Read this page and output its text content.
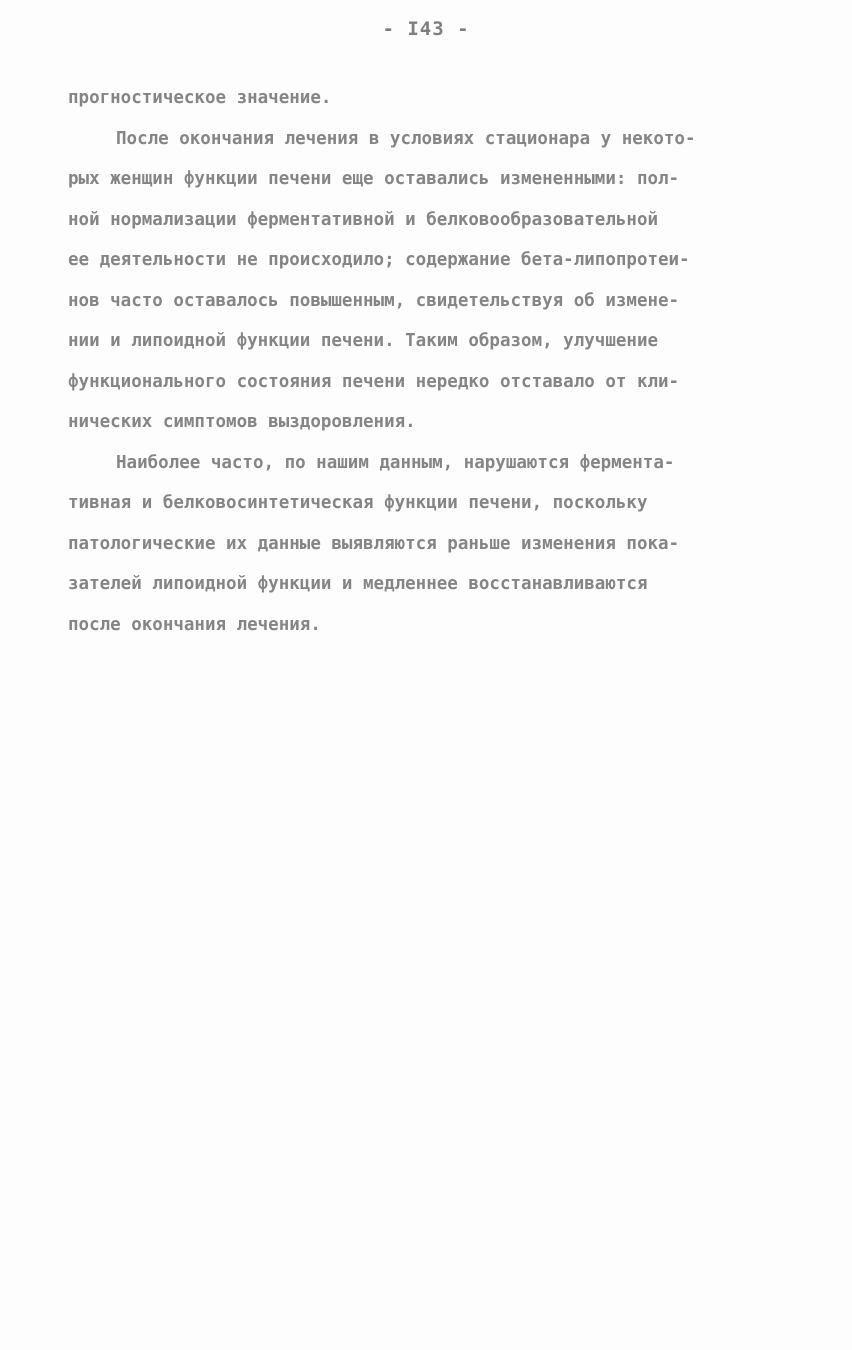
- I43 -
прогностическое значение.
После окончания лечения в условиях стационара у некото-
рых женщин функции печени еще оставались измененными: пол-
ной нормализации ферментативной и белковообразовательной
ее деятельности не происходило; содержание бета-липопротеи-
нов часто оставалось повышенным, свидетельствуя об измене-
нии и липоидной функции печени. Таким образом, улучшение
функционального состояния печени нередко отставало от кли-
нических симптомов выздоровления.
Наиболее часто, по нашим данным, нарушаются фермента-
тивная и белковосинтетическая функции печени, поскольку
патологические их данные выявляются раньше изменения пока-
зателей липоидной функции и медленнее восстанавливаются
после окончания лечения.
